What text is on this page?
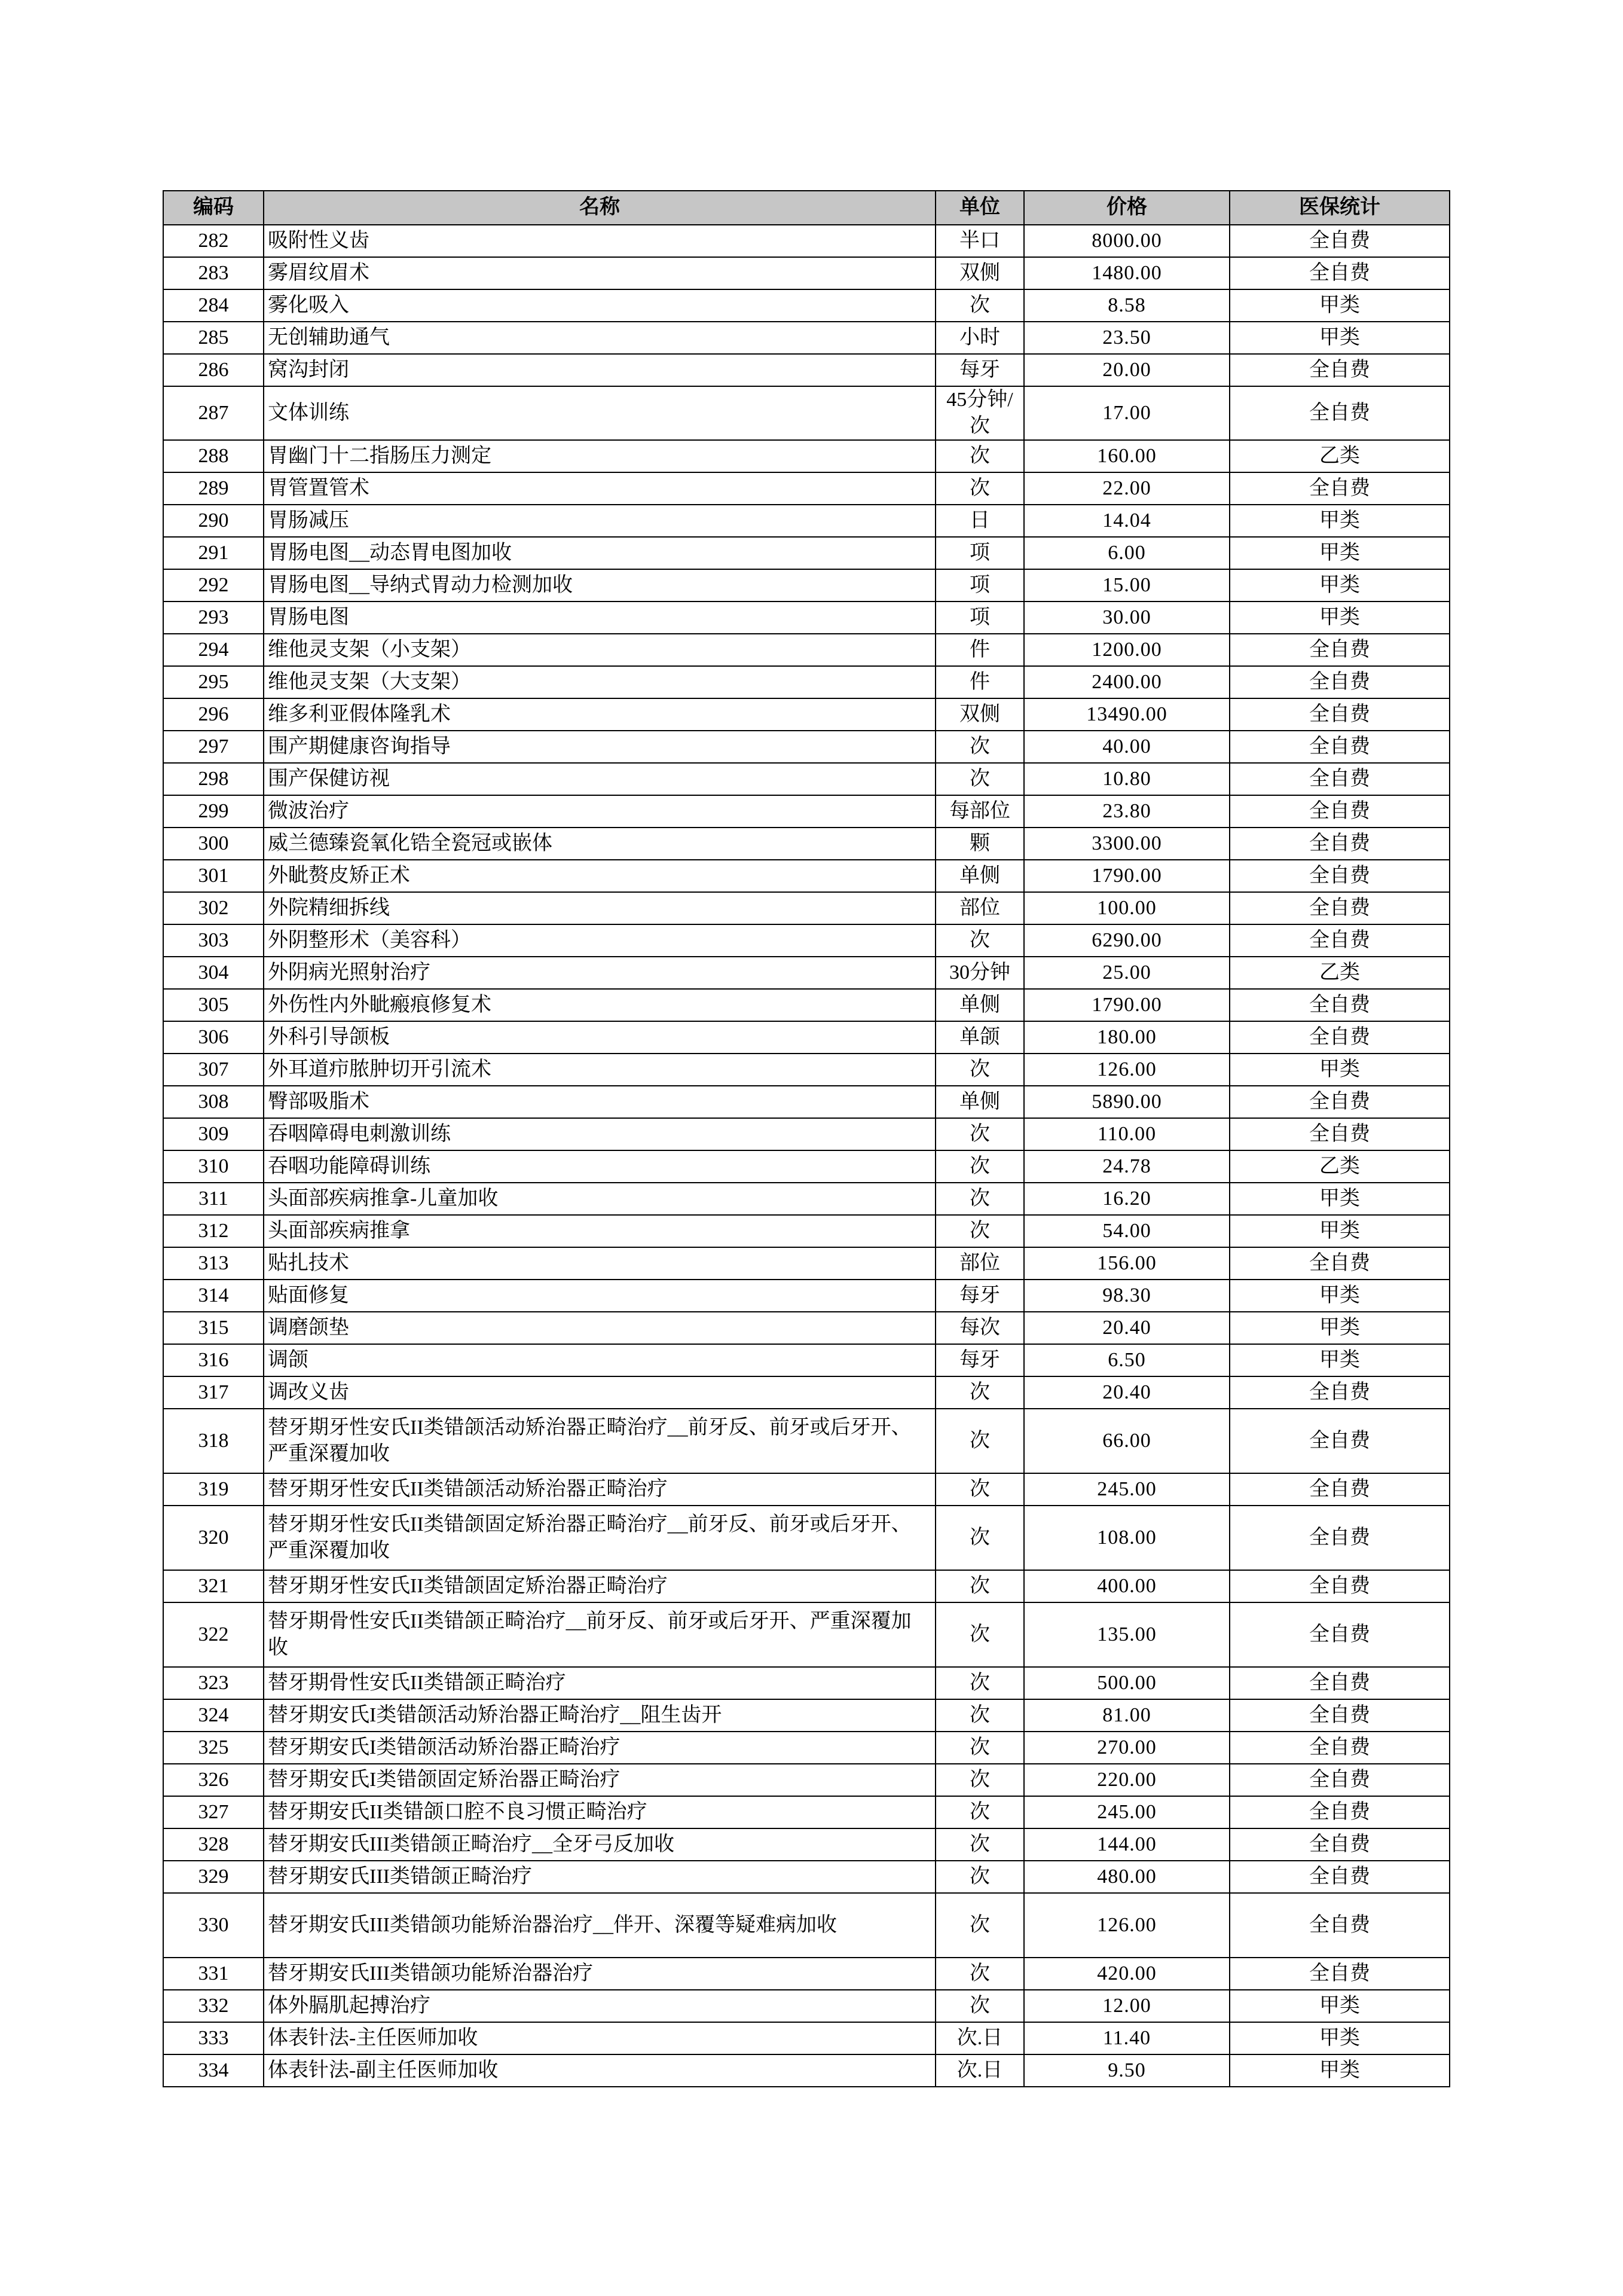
编码	名称	单位	价格	医保统计
282	吸附性义齿	半口	8000.00	全自费
283	雾眉纹眉术	双侧	1480.00	全自费
284	雾化吸入	次	8.58	甲类
285	无创辅助通气	小时	23.50	甲类
286	窝沟封闭	每牙	20.00	全自费
287	文体训练	45分钟/次	17.00	全自费
288	胃幽门十二指肠压力测定	次	160.00	乙类
289	胃管置管术	次	22.00	全自费
290	胃肠减压	日	14.04	甲类
291	胃肠电图__动态胃电图加收	项	6.00	甲类
292	胃肠电图__导纳式胃动力检测加收	项	15.00	甲类
293	胃肠电图	项	30.00	甲类
294	维他灵支架（小支架）	件	1200.00	全自费
295	维他灵支架（大支架）	件	2400.00	全自费
296	维多利亚假体隆乳术	双侧	13490.00	全自费
297	围产期健康咨询指导	次	40.00	全自费
298	围产保健访视	次	10.80	全自费
299	微波治疗	每部位	23.80	全自费
300	威兰德臻瓷氧化锆全瓷冠或嵌体	颗	3300.00	全自费
301	外眦赘皮矫正术	单侧	1790.00	全自费
302	外院精细拆线	部位	100.00	全自费
303	外阴整形术（美容科）	次	6290.00	全自费
304	外阴病光照射治疗	30分钟	25.00	乙类
305	外伤性内外眦瘢痕修复术	单侧	1790.00	全自费
306	外科引导颌板	单颌	180.00	全自费
307	外耳道疖脓肿切开引流术	次	126.00	甲类
308	臀部吸脂术	单侧	5890.00	全自费
309	吞咽障碍电刺激训练	次	110.00	全自费
310	吞咽功能障碍训练	次	24.78	乙类
311	头面部疾病推拿-儿童加收	次	16.20	甲类
312	头面部疾病推拿	次	54.00	甲类
313	贴扎技术	部位	156.00	全自费
314	贴面修复	每牙	98.30	甲类
315	调磨颌垫	每次	20.40	甲类
316	调颌	每牙	6.50	甲类
317	调改义齿	次	20.40	全自费
318	替牙期牙性安氏II类错颌活动矫治器正畸治疗__前牙反、前牙或后牙开、严重深覆加收	次	66.00	全自费
319	替牙期牙性安氏II类错颌活动矫治器正畸治疗	次	245.00	全自费
320	替牙期牙性安氏II类错颌固定矫治器正畸治疗__前牙反、前牙或后牙开、严重深覆加收	次	108.00	全自费
321	替牙期牙性安氏II类错颌固定矫治器正畸治疗	次	400.00	全自费
322	替牙期骨性安氏II类错颌正畸治疗__前牙反、前牙或后牙开、严重深覆加收	次	135.00	全自费
323	替牙期骨性安氏II类错颌正畸治疗	次	500.00	全自费
324	替牙期安氏I类错颌活动矫治器正畸治疗__阻生齿开	次	81.00	全自费
325	替牙期安氏I类错颌活动矫治器正畸治疗	次	270.00	全自费
326	替牙期安氏I类错颌固定矫治器正畸治疗	次	220.00	全自费
327	替牙期安氏II类错颌口腔不良习惯正畸治疗	次	245.00	全自费
328	替牙期安氏III类错颌正畸治疗__全牙弓反加收	次	144.00	全自费
329	替牙期安氏III类错颌正畸治疗	次	480.00	全自费
330	替牙期安氏III类错颌功能矫治器治疗__伴开、深覆等疑难病加收	次	126.00	全自费
331	替牙期安氏III类错颌功能矫治器治疗	次	420.00	全自费
332	体外膈肌起搏治疗	次	12.00	甲类
333	体表针法-主任医师加收	次.日	11.40	甲类
334	体表针法-副主任医师加收	次.日	9.50	甲类
